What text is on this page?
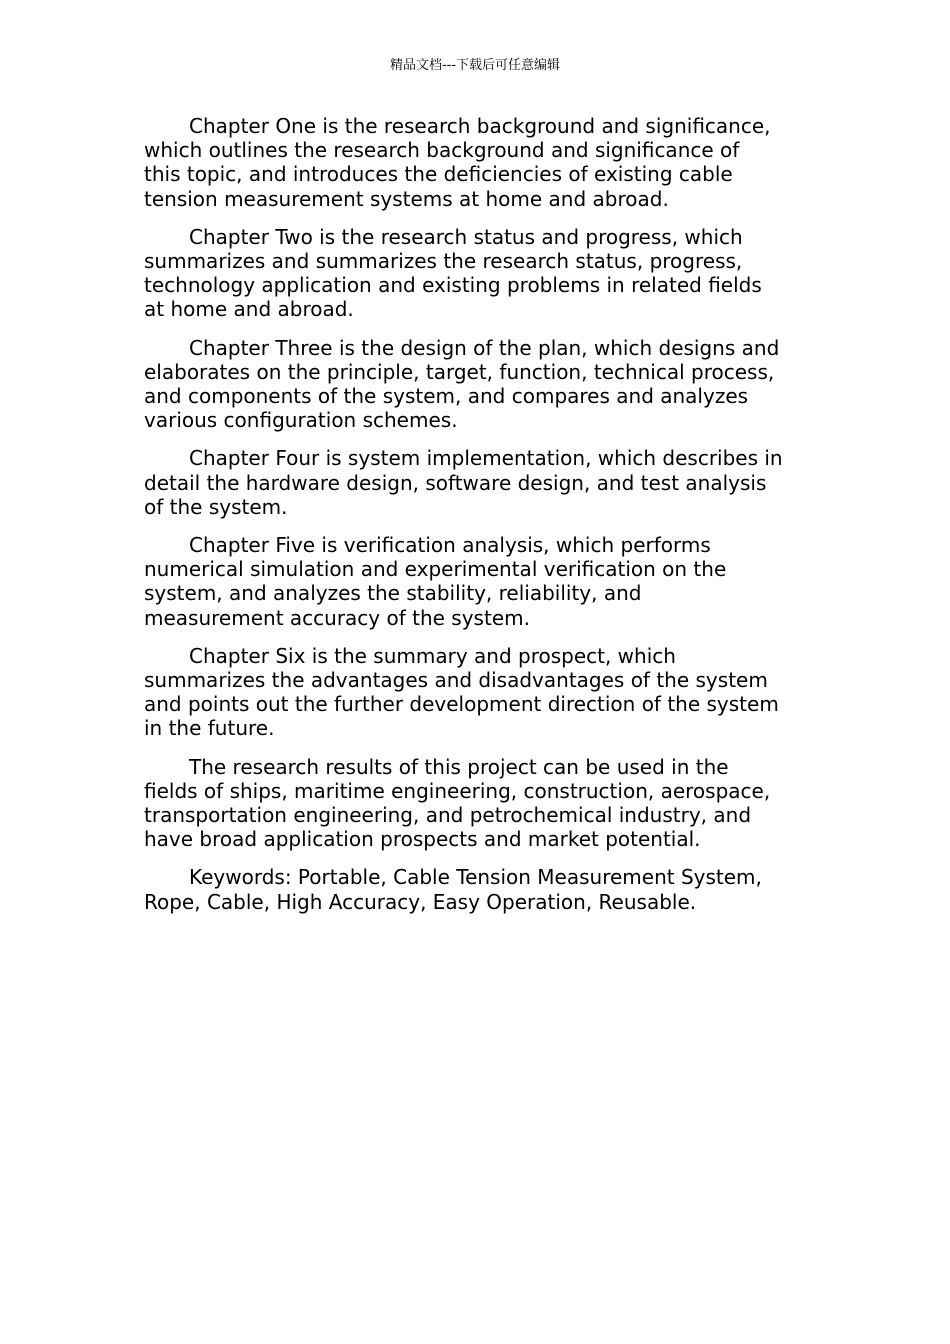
精品文档---下载后可任意编辑

Chapter One is the research background and significance,
which outlines the research background and significance of
this topic, and introduces the deficiencies of existing cable
tension measurement systems at home and abroad.

Chapter Two is the research status and progress, which
summarizes and summarizes the research status, progress,
technology application and existing problems in related fields
at home and abroad.

Chapter Three is the design of the plan, which designs and
elaborates on the principle, target, function, technical process,
and components of the system, and compares and analyzes
various configuration schemes.

Chapter Four is system implementation, which describes in
detail the hardware design, software design, and test analysis
of the system.

Chapter Five is verification analysis, which performs
numerical simulation and experimental verification on the
system, and analyzes the stability, reliability, and
measurement accuracy of the system.

Chapter Six is the summary and prospect, which
summarizes the advantages and disadvantages of the system
and points out the further development direction of the system
in the future.

The research results of this project can be used in the
fields of ships, maritime engineering, construction, aerospace,
transportation engineering, and petrochemical industry, and
have broad application prospects and market potential.

Keywords: Portable, Cable Tension Measurement System,
Rope, Cable, High Accuracy, Easy Operation, Reusable.
